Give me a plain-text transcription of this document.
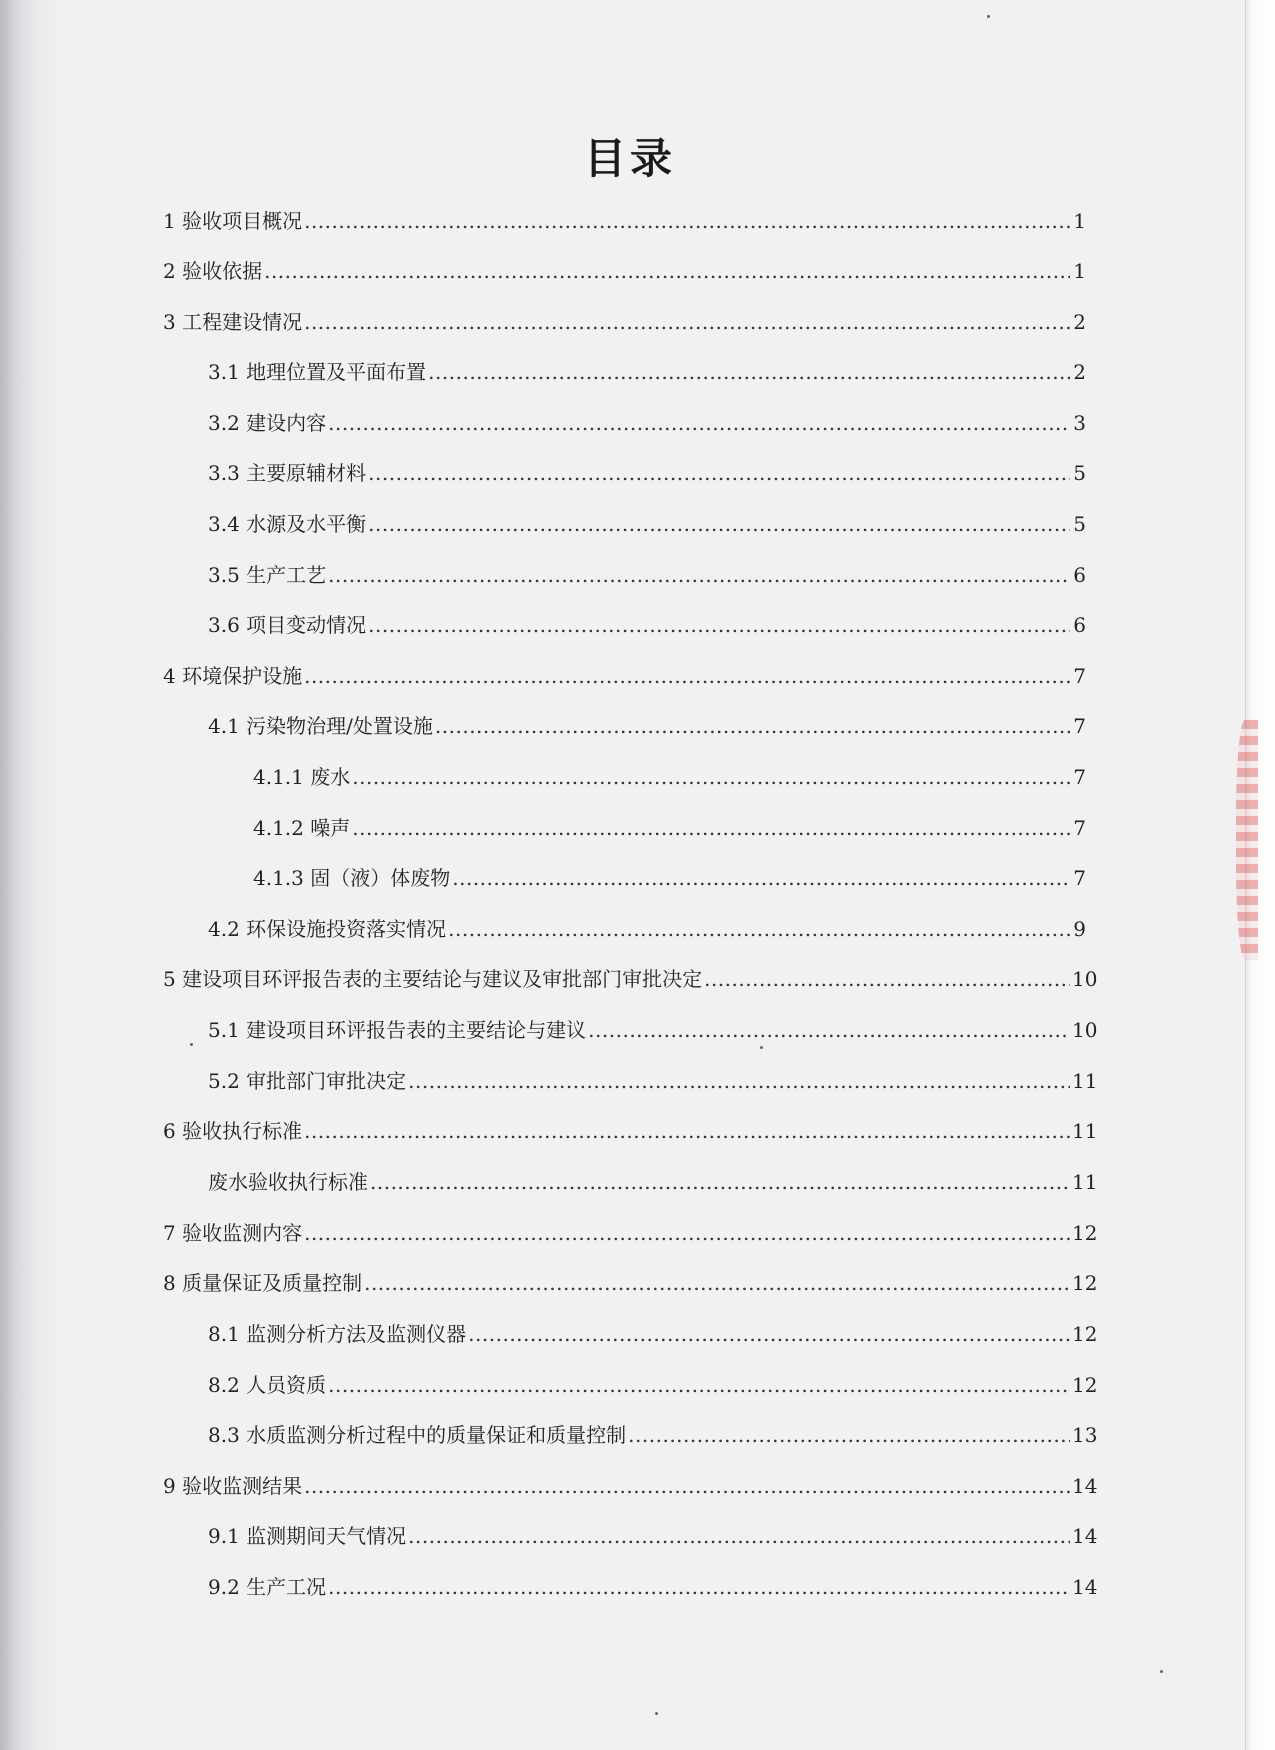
目录
1 验收项目概况 .....	1
2 验收依据 .....	1
3 工程建设情况 .....	2
3.1 地理位置及平面布置 .....	2
3.2 建设内容 .....	3
3.3 主要原辅材料 .....	5
3.4 水源及水平衡 .....	5
3.5 生产工艺 .....	6
3.6 项目变动情况 .....	6
4 环境保护设施 .....	7
4.1 污染物治理/处置设施 .....	7
4.1.1 废水 .....	7
4.1.2 噪声 .....	7
4.1.3 固（液）体废物 .....	7
4.2 环保设施投资落实情况 .....	9
5 建设项目环评报告表的主要结论与建议及审批部门审批决定 .....	10
5.1 建设项目环评报告表的主要结论与建议 .....	10
5.2 审批部门审批决定 .....	11
6 验收执行标准 .....	11
废水验收执行标准 .....	11
7 验收监测内容 .....	12
8 质量保证及质量控制 .....	12
8.1 监测分析方法及监测仪器 .....	12
8.2 人员资质 .....	12
8.3 水质监测分析过程中的质量保证和质量控制 .....	13
9 验收监测结果 .....	14
9.1 监测期间天气情况 .....	14
9.2 生产工况 .....	14
